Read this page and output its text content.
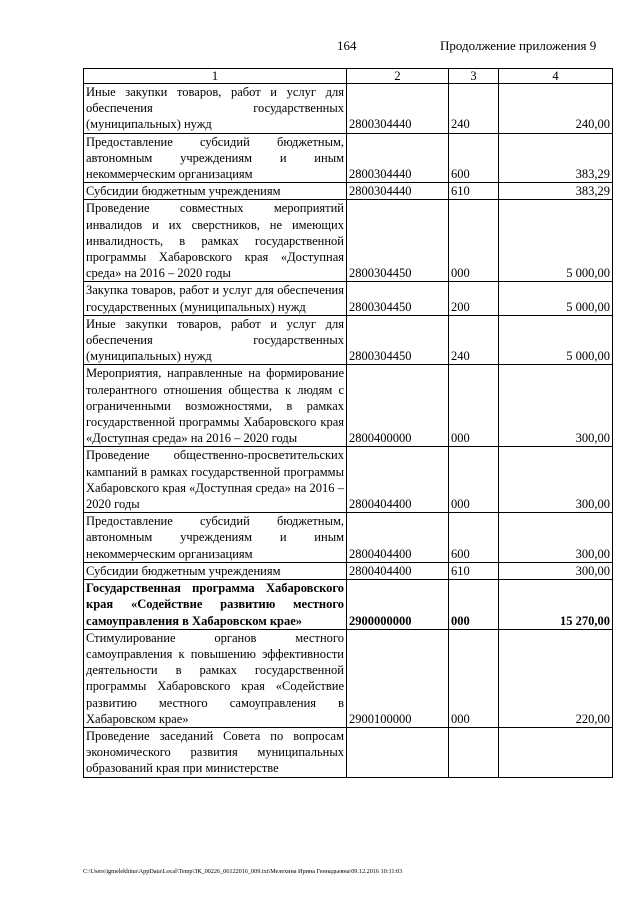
164	Продолжение приложения 9
1	2	3	4
Иные закупки товаров, работ и услуг для обеспечения государственных (муниципальных) нужд	2800304440	240	240,00
Предоставление субсидий бюджетным, автономным учреждениям и иным некоммерческим организациям	2800304440	600	383,29
Субсидии бюджетным учреждениям	2800304440	610	383,29
Проведение совместных мероприятий инвалидов и их сверстников, не имеющих инвалидность, в рамках государственной программы Хабаровского края «Доступная среда» на 2016 – 2020 годы	2800304450	000	5 000,00
Закупка товаров, работ и услуг для обеспечения государственных (муниципальных) нужд	2800304450	200	5 000,00
Иные закупки товаров, работ и услуг для обеспечения государственных (муниципальных) нужд	2800304450	240	5 000,00
Мероприятия, направленные на формирование толерантного отношения общества к людям с ограниченными возможностями, в рамках государственной программы Хабаровского края «Доступная среда» на 2016 – 2020 годы	2800400000	000	300,00
Проведение общественно-просветительских кампаний в рамках государственной программы Хабаровского края «Доступная среда» на 2016 – 2020 годы	2800404400	000	300,00
Предоставление субсидий бюджетным, автономным учреждениям и иным некоммерческим организациям	2800404400	600	300,00
Субсидии бюджетным учреждениям	2800404400	610	300,00
Государственная программа Хабаровского края «Содействие развитию местного самоуправления в Хабаровском крае»	2900000000	000	15 270,00
Стимулирование органов местного самоуправления к повышению эффективности деятельности в рамках государственной программы Хабаровского края «Содействие развитию местного самоуправления в Хабаровском крае»	2900100000	000	220,00
Проведение заседаний Совета по вопросам экономического развития муниципальных образований края при министерстве			
C:\Users\igmelekhina\AppData\Local\Temp\ЗК_00226_06122016_009.txt\Мелехина Ирина Геннадьевна\09.12.2016 10:11:03
